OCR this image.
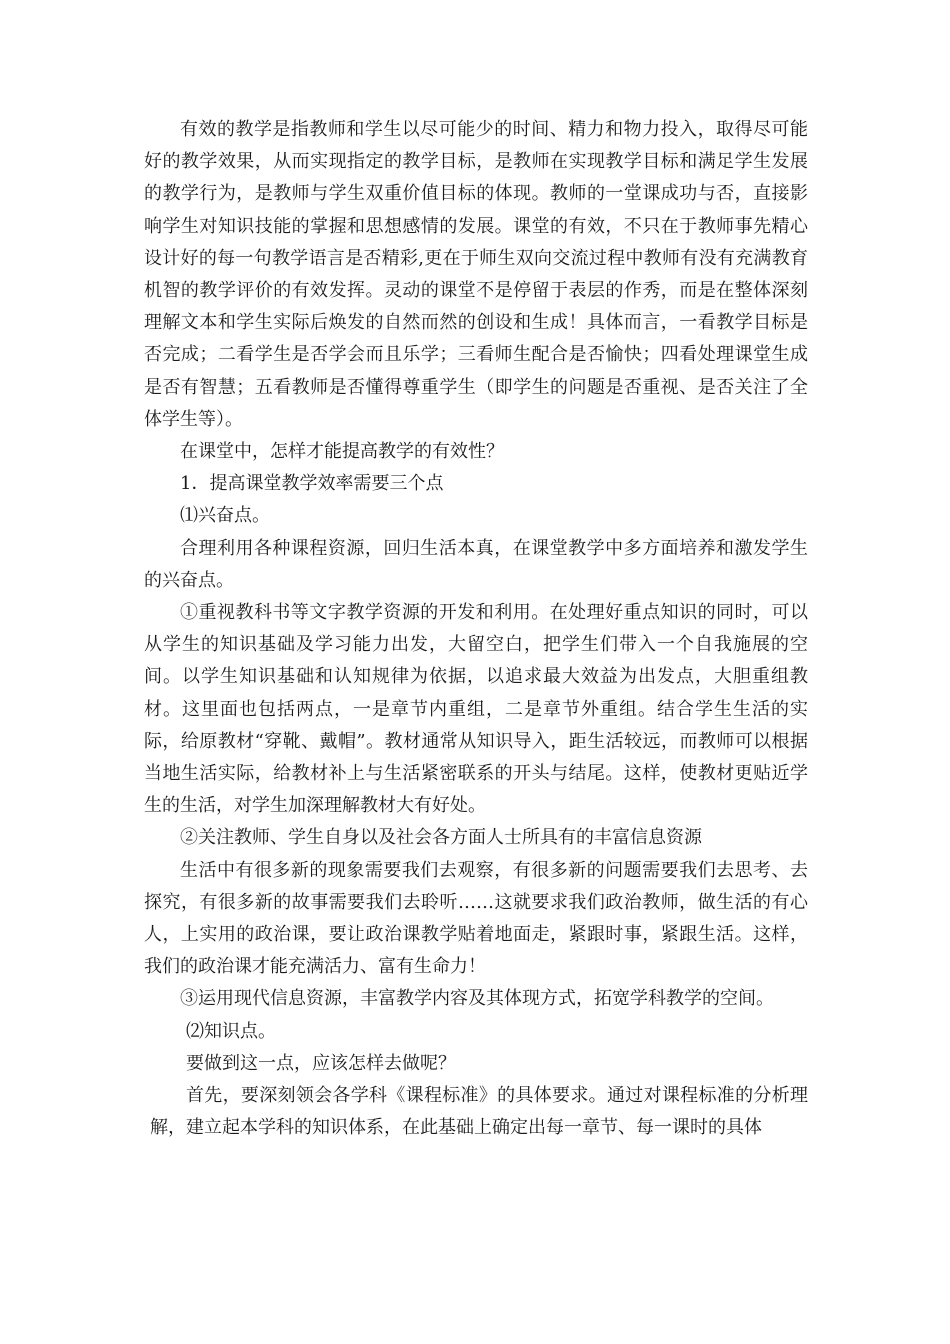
有效的教学是指教师和学生以尽可能少的时间、精力和物力投入，取得尽可能好的教学效果，从而实现指定的教学目标，是教师在实现教学目标和满足学生发展的教学行为，是教师与学生双重价值目标的体现。教师的一堂课成功与否，直接影响学生对知识技能的掌握和思想感情的发展。课堂的有效，不只在于教师事先精心设计好的每一句教学语言是否精彩,更在于师生双向交流过程中教师有没有充满教育机智的教学评价的有效发挥。灵动的课堂不是停留于表层的作秀，而是在整体深刻理解文本和学生实际后焕发的自然而然的创设和生成！具体而言，一看教学目标是否完成；二看学生是否学会而且乐学；三看师生配合是否愉快；四看处理课堂生成是否有智慧；五看教师是否懂得尊重学生（即学生的问题是否重视、是否关注了全体学生等）。

在课堂中，怎样才能提高教学的有效性？

1．提高课堂教学效率需要三个点

⑴兴奋点。

合理利用各种课程资源，回归生活本真，在课堂教学中多方面培养和激发学生的兴奋点。

①重视教科书等文字教学资源的开发和利用。在处理好重点知识的同时，可以从学生的知识基础及学习能力出发，大留空白，把学生们带入一个自我施展的空间。以学生知识基础和认知规律为依据，以追求最大效益为出发点，大胆重组教材。这里面也包括两点，一是章节内重组，二是章节外重组。结合学生生活的实际，给原教材“穿靴、戴帽”。教材通常从知识导入，距生活较远，而教师可以根据当地生活实际，给教材补上与生活紧密联系的开头与结尾。这样，使教材更贴近学生的生活，对学生加深理解教材大有好处。

②关注教师、学生自身以及社会各方面人士所具有的丰富信息资源

生活中有很多新的现象需要我们去观察，有很多新的问题需要我们去思考、去探究，有很多新的故事需要我们去聆听……这就要求我们政治教师，做生活的有心人，上实用的政治课，要让政治课教学贴着地面走，紧跟时事，紧跟生活。这样，我们的政治课才能充满活力、富有生命力！

③运用现代信息资源，丰富教学内容及其体现方式，拓宽学科教学的空间。

⑵知识点。

要做到这一点，应该怎样去做呢？

首先，要深刻领会各学科《课程标准》的具体要求。通过对课程标准的分析理解，建立起本学科的知识体系，在此基础上确定出每一章节、每一课时的具体
